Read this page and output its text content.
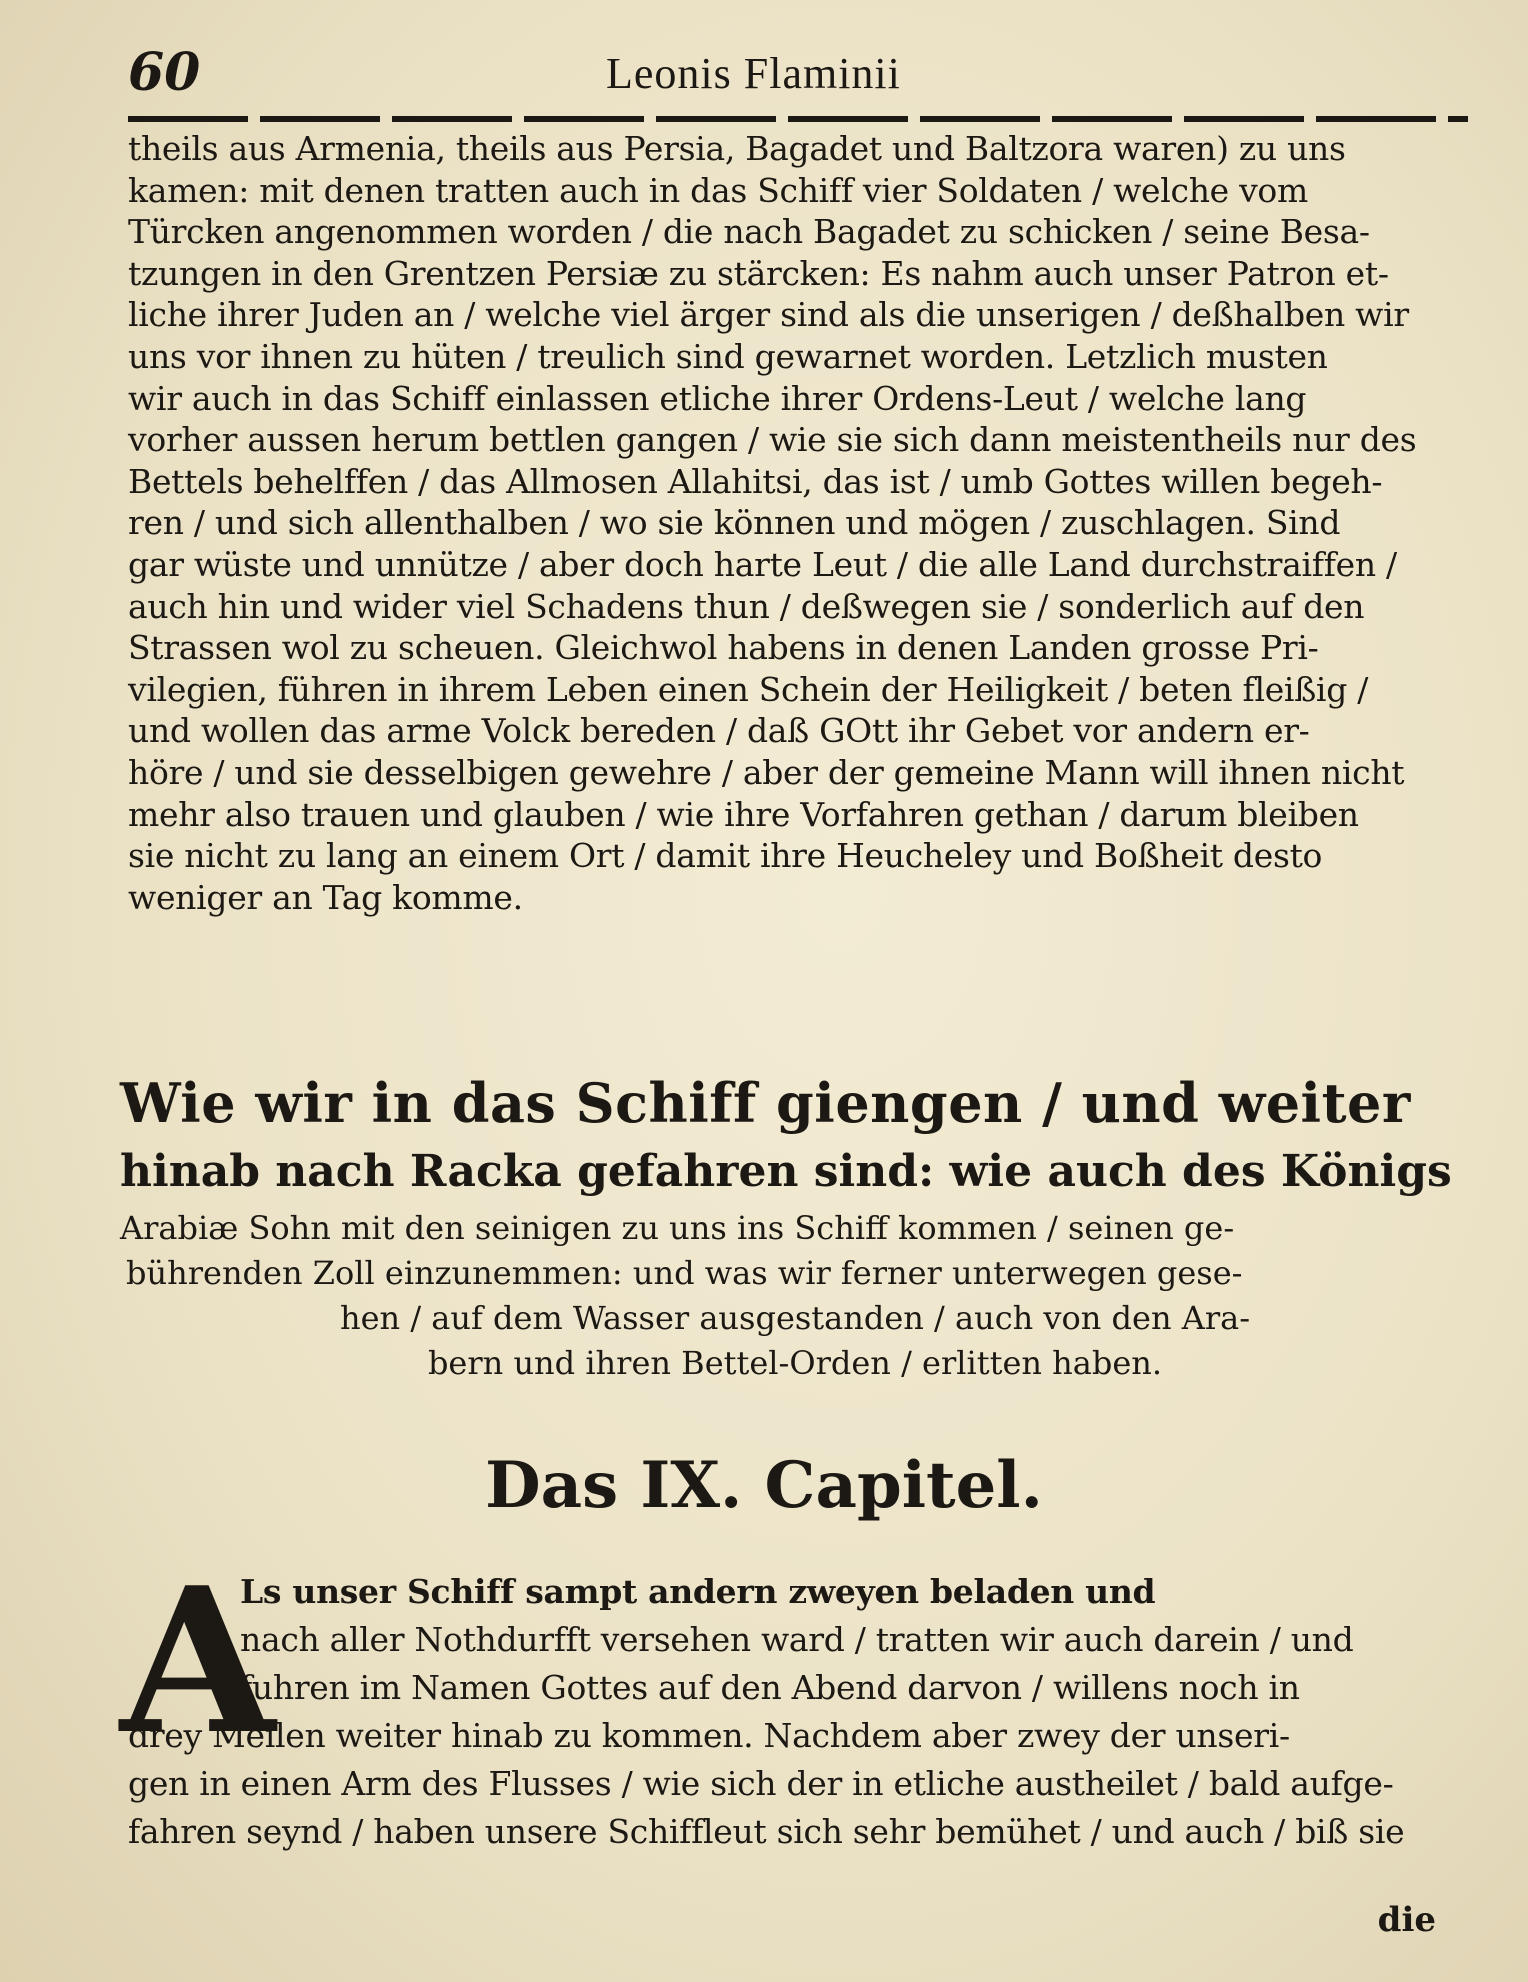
60	Leonis Flaminii
theils aus Armenia, theils aus Persia, Bagadet und Baltzora waren) zu uns
kamen: mit denen tratten auch in das Schiff vier Soldaten / welche vom
Türcken angenommen worden / die nach Bagadet zu schicken / seine Besa-
tzungen in den Grentzen Persiæ zu stärcken: Es nahm auch unser Patron et-
liche ihrer Juden an / welche viel ärger sind als die unserigen / deßhalben wir
uns vor ihnen zu hüten / treulich sind gewarnet worden. Letzlich musten
wir auch in das Schiff einlassen etliche ihrer Ordens-Leut / welche lang
vorher aussen herum bettlen gangen / wie sie sich dann meistentheils nur des
Bettels behelffen / das Allmosen Allahitsi, das ist / umb Gottes willen begeh-
ren / und sich allenthalben / wo sie können und mögen / zuschlagen. Sind
gar wüste und unnütze / aber doch harte Leut / die alle Land durchstraiffen /
auch hin und wider viel Schadens thun / deßwegen sie / sonderlich auf den
Strassen wol zu scheuen. Gleichwol habens in denen Landen grosse Pri-
vilegien, führen in ihrem Leben einen Schein der Heiligkeit / beten fleißig /
und wollen das arme Volck bereden / daß GOtt ihr Gebet vor andern er-
höre / und sie desselbigen gewehre / aber der gemeine Mann will ihnen nicht
mehr also trauen und glauben / wie ihre Vorfahren gethan / darum bleiben
sie nicht zu lang an einem Ort / damit ihre Heucheley und Boßheit desto
weniger an Tag komme.
Wie wir in das Schiff giengen / und weiter
hinab nach Racka gefahren sind: wie auch des Königs
Arabiæ Sohn mit den seinigen zu uns ins Schiff kommen / seinen ge-
bührenden Zoll einzunemmen: und was wir ferner unterwegen gese-
hen / auf dem Wasser ausgestanden / auch von den Ara-
bern und ihren Bettel-Orden / erlitten haben.
Das IX. Capitel.
A
Ls unser Schiff sampt andern zweyen beladen und
nach aller Nothdurfft versehen ward / tratten wir auch darein / und
fuhren im Namen Gottes auf den Abend darvon / willens noch in
drey Meilen weiter hinab zu kommen. Nachdem aber zwey der unseri-
gen in einen Arm des Flusses / wie sich der in etliche austheilet / bald aufge-
fahren seynd / haben unsere Schiffleut sich sehr bemühet / und auch / biß sie
die
